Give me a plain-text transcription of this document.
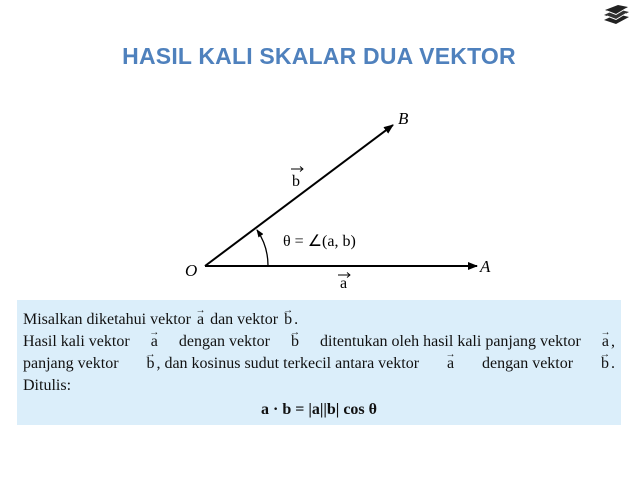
HASIL KALI SKALAR DUA VEKTOR
O	A
B
a
b
θ = ∠(a, b)
Misalkan diketahui vektor → a dan vektor → b .
Hasil kali vektor → a dengan vektor → b ditentukan oleh hasil kali panjang vektor → a ,
panjang vektor → b , dan kosinus sudut terkecil antara vektor → a dengan vektor → b .
Ditulis:
a · b = |a||b| cos θ
